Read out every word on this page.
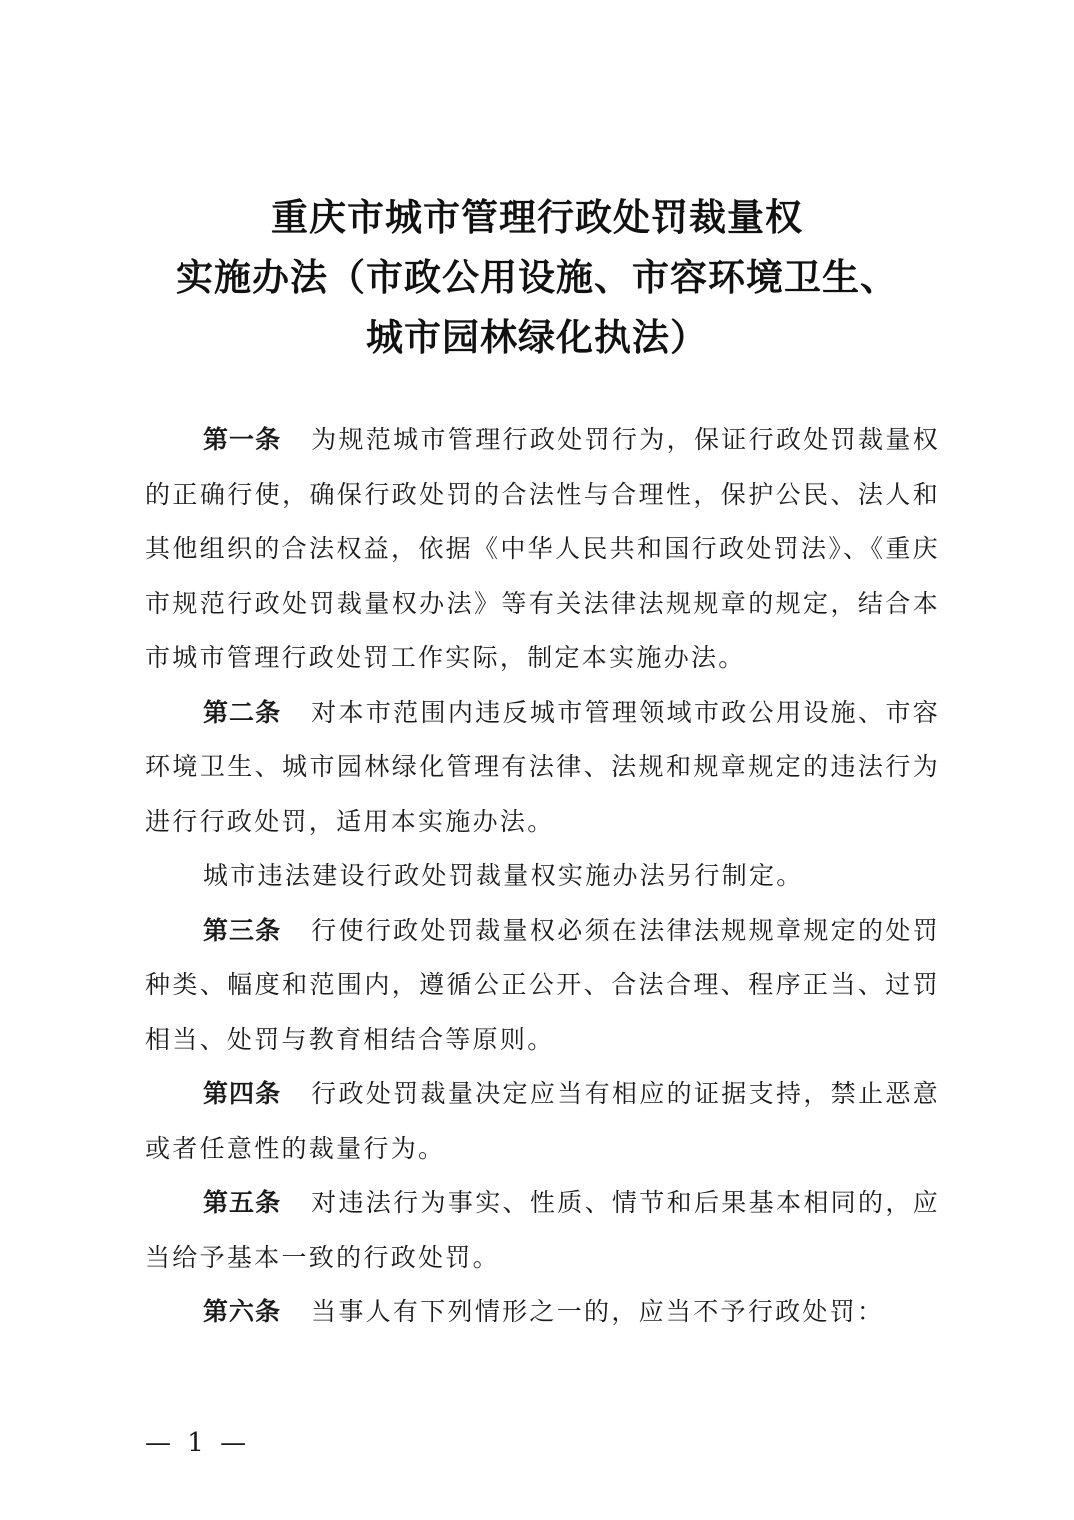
重庆市城市管理行政处罚裁量权
实施办法（市政公用设施、市容环境卫生、
城市园林绿化执法）

第一条 为规范城市管理行政处罚行为，保证行政处罚裁量权的正确行使，确保行政处罚的合法性与合理性，保护公民、法人和其他组织的合法权益，依据《中华人民共和国行政处罚法》、《重庆市规范行政处罚裁量权办法》等有关法律法规规章的规定，结合本市城市管理行政处罚工作实际，制定本实施办法。

第二条 对本市范围内违反城市管理领域市政公用设施、市容环境卫生、城市园林绿化管理有法律、法规和规章规定的违法行为进行行政处罚，适用本实施办法。

城市违法建设行政处罚裁量权实施办法另行制定。

第三条 行使行政处罚裁量权必须在法律法规规章规定的处罚种类、幅度和范围内，遵循公正公开、合法合理、程序正当、过罚相当、处罚与教育相结合等原则。

第四条 行政处罚裁量决定应当有相应的证据支持，禁止恶意或者任意性的裁量行为。

第五条 对违法行为事实、性质、情节和后果基本相同的，应当给予基本一致的行政处罚。

第六条 当事人有下列情形之一的，应当不予行政处罚：

— 1 —
